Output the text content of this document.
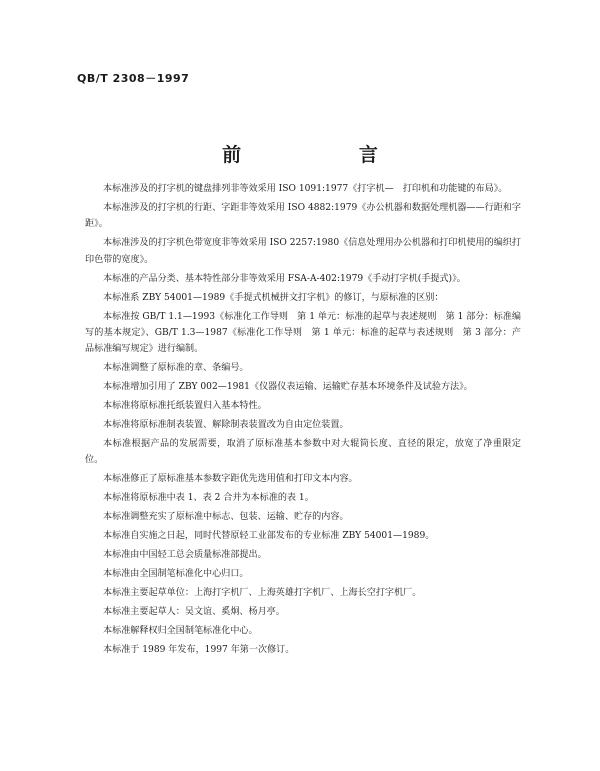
QB/T 2308－1997
前　　言

本标准涉及的打字机的键盘排列非等效采用 ISO 1091:1977《打字机—　打印机和功能键的布局》。

本标准涉及的打字机的行距、字距非等效采用 ISO 4882:1979《办公机器和数据处理机器——行距和字距》。

本标准涉及的打字机色带宽度非等效采用 ISO 2257:1980《信息处理用办公机器和打印机使用的编织打印色带的宽度》。

本标准的产品分类、基本特性部分非等效采用 FSA-A-402:1979《手动打字机(手提式)》。

本标准系 ZBY 54001—1989《手提式机械拼文打字机》的修订，与原标准的区别：

本标准按 GB/T 1.1—1993《标准化工作导则　第 1 单元：标准的起草与表述规则　第 1 部分：标准编写的基本规定》、GB/T 1.3—1987《标准化工作导则　第 1 单元：标准的起草与表述规则　第 3 部分：产品标准编写规定》进行编制。

本标准调整了原标准的章、条编号。

本标准增加引用了 ZBY 002—1981《仪器仪表运输、运输贮存基本环境条件及试验方法》。

本标准将原标准托纸装置归入基本特性。

本标准将原标准制表装置、解除制表装置改为自由定位装置。

本标准根据产品的发展需要，取消了原标准基本参数中对大辊筒长度、直径的限定，放宽了净重限定位。

本标准修正了原标准基本参数字距优先选用值和打印文本内容。

本标准将原标准中表 1、表 2 合并为本标准的表 1。

本标准调整充实了原标准中标志、包装、运输、贮存的内容。

本标准自实施之日起，同时代替原轻工业部发布的专业标准 ZBY 54001—1989。

本标准由中国轻工总会质量标准部提出。

本标准由全国制笔标准化中心归口。

本标准主要起草单位：上海打字机厂、上海英雄打字机厂、上海长空打字机厂。

本标准主要起草人：吴文谊、奚炯、杨月亭。

本标准解释权归全国制笔标准化中心。

本标准于 1989 年发布，1997 年第一次修订。
